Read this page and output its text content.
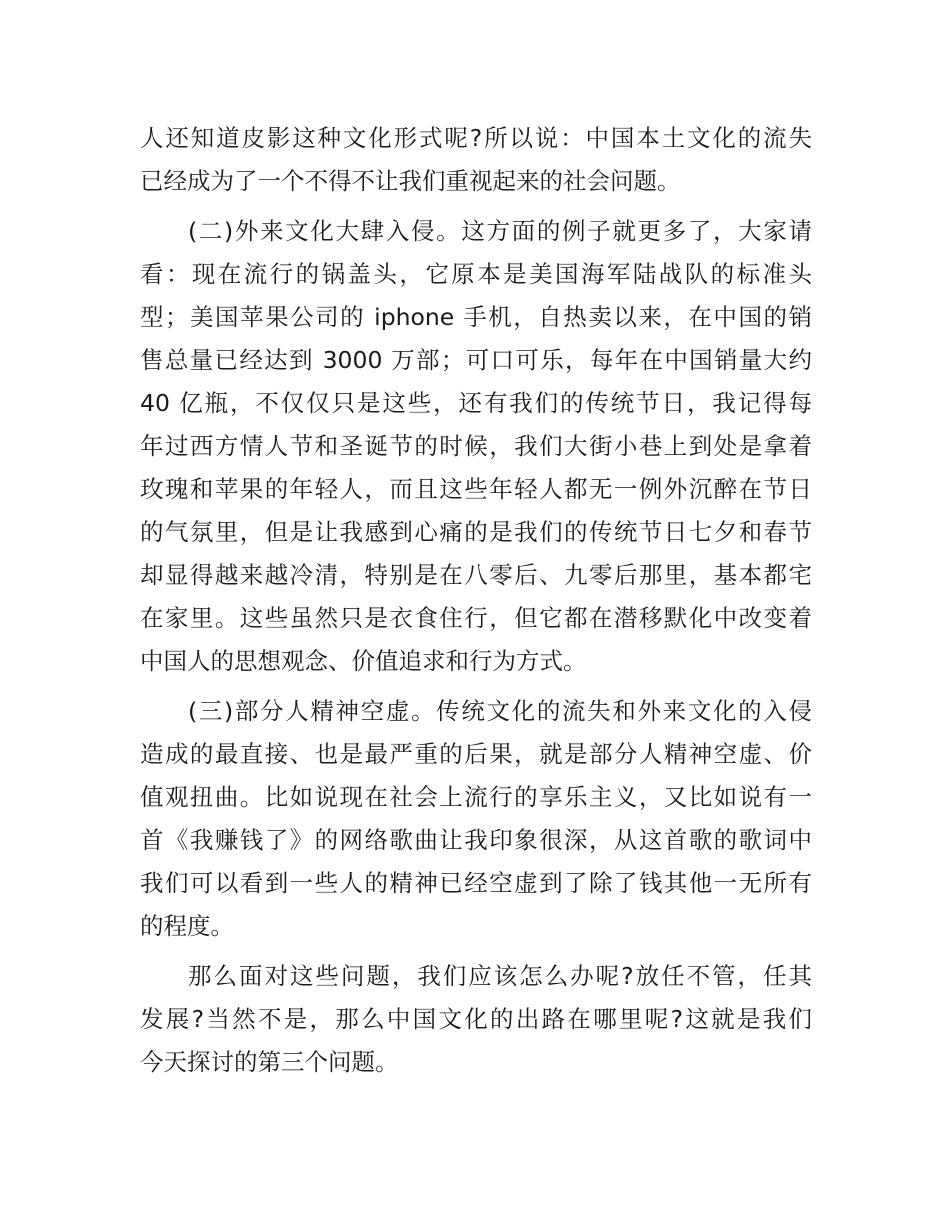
人还知道皮影这种文化形式呢?所以说：中国本土文化的流失
已经成为了一个不得不让我们重视起来的社会问题。
(二)外来文化大肆入侵。这方面的例子就更多了，大家请
看：现在流行的锅盖头，它原本是美国海军陆战队的标准头
型；美国苹果公司的 iphone 手机，自热卖以来，在中国的销
售总量已经达到 3000 万部；可口可乐，每年在中国销量大约
40 亿瓶，不仅仅只是这些，还有我们的传统节日，我记得每
年过西方情人节和圣诞节的时候，我们大街小巷上到处是拿着
玫瑰和苹果的年轻人，而且这些年轻人都无一例外沉醉在节日
的气氛里，但是让我感到心痛的是我们的传统节日七夕和春节
却显得越来越冷清，特别是在八零后、九零后那里，基本都宅
在家里。这些虽然只是衣食住行，但它都在潜移默化中改变着
中国人的思想观念、价值追求和行为方式。
(三)部分人精神空虚。传统文化的流失和外来文化的入侵
造成的最直接、也是最严重的后果，就是部分人精神空虚、价
值观扭曲。比如说现在社会上流行的享乐主义，又比如说有一
首《我赚钱了》的网络歌曲让我印象很深，从这首歌的歌词中
我们可以看到一些人的精神已经空虚到了除了钱其他一无所有
的程度。
那么面对这些问题，我们应该怎么办呢?放任不管，任其
发展?当然不是，那么中国文化的出路在哪里呢?这就是我们
今天探讨的第三个问题。
